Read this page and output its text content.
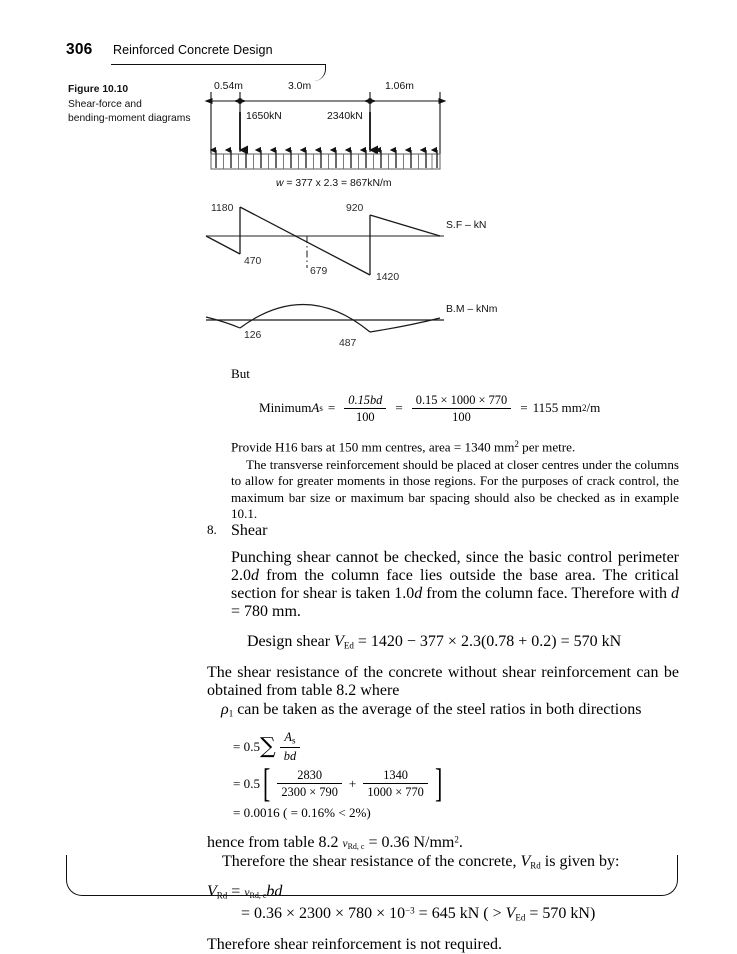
306 Reinforced Concrete Design
Figure 10.10
Shear-force and
bending-moment diagrams
0.54m	3.0m	1.06m
1650kN	2340kN
w = 377 x 2.3 = 867kN/m
1180
470
679
920
1420
S.F – kN
126
487
B.M – kNm

But

MinimumAs = $\frac{0.15bd}{100} = \frac{0.15 \times 1000 \times 770}{100} = 1155$ mm2/m

Provide H16 bars at 150 mm centres, area = 1340 $mm^2$ per metre.

The transverse reinforcement should be placed at closer centres under the columns to allow for greater moments in those regions. For the purposes of crack control, the maximum bar size or maximum bar spacing should also be checked as in example 10.1.

8. Shear

Punching shear cannot be checked, since the basic control perimeter 2.0d from the column face lies outside the base area. The critical section for shear is taken 1.0d from the column face. Therefore with d = 780 mm.

Design shear $V_{Ed} = 1420 - 377 \times 2.3(0.78 + 0.2) = 570$ kN

The shear resistance of the concrete without shear reinforcement can be obtained from table 8.2 where

$\rho_1$ can be taken as the average of the steel ratios in both directions

= $0.5\sum \frac{A_s}{bd}$
= $0.5[ \frac{2830}{2300 \times 790} + \frac{1340}{1000 \times 770}$ ]
= 0.0016 ( = 0.16% < 2%)

hence from table 8.2 $v_{Rd, c} = 0.36$ $N/mm^2$.

Therefore the shear resistance of the concrete, $V_{Rd}$ is given by:

$V_{Rd} = v_{Rd, c}bd$

= $0.36 \times 2300 \times 780 \times 10^{-3} = 645$ kN ( > $V_{Ed} = 570$ kN)

Therefore shear reinforcement is not required.
